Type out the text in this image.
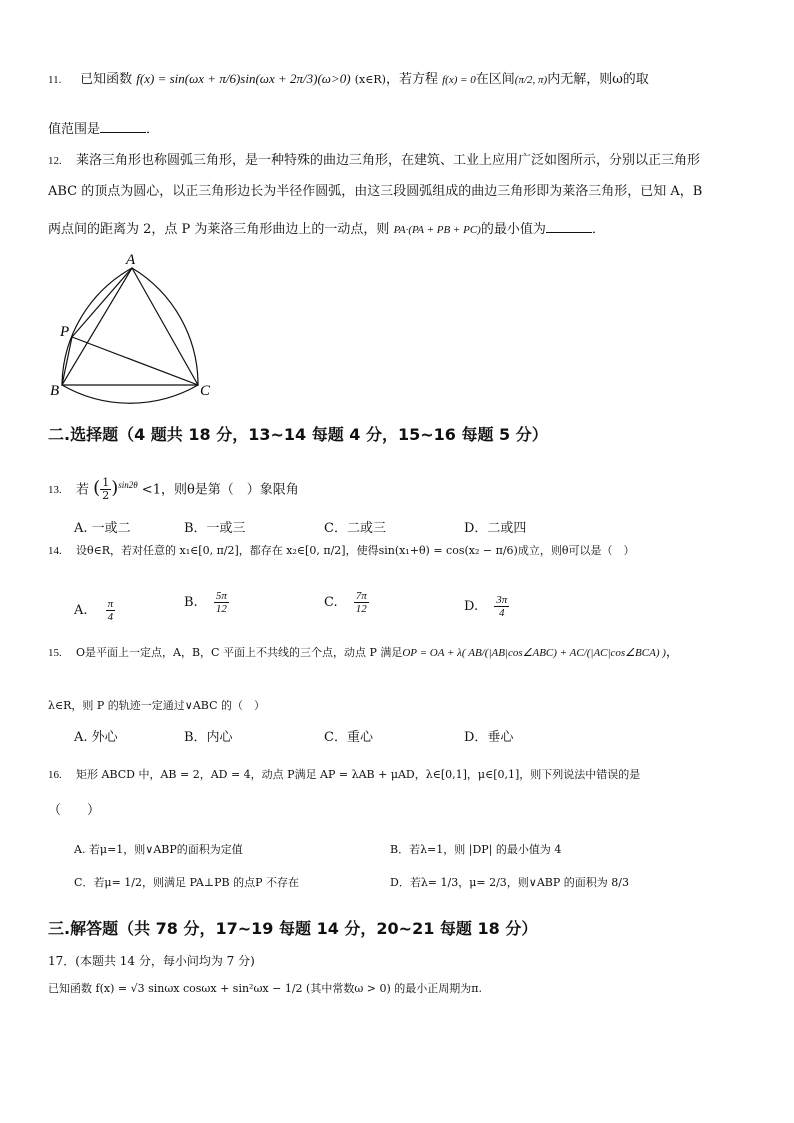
11. 已知函数 f(x) = sin(ωx + π/6)sin(ωx + 2π/3)(ω>0) (x∈R)，若方程 f(x) = 0在区间(π/2, π)内无解，则ω的取
值范围是	．
12. 莱洛三角形也称圆弧三角形，是一种特殊的曲边三角形，在建筑、工业上应用广泛如图所示，分别以正三角形
ABC 的顶点为圆心，以正三角形边长为半径作圆弧，由这三段圆弧组成的曲边三角形即为莱洛三角形，已知 A，B
两点间的距离为 2，点 P 为莱洛三角形曲边上的一动点，则 PA·(PA + PB + PC)的最小值为	．
A
P
B	C
二.选择题（4 题共 18 分，13~14 每题 4 分，15~16 每题 5 分）
13. 若 ( $\frac{1}{2} )^{sin2\theta} <1$，则θ是第（　）象限角
A. 一或二	B．一或三	C．二或三	D．二或四
14. 设θ∈R，若对任意的 x₁∈[0, π/2]，都存在 x₂∈[0, π/2]，使得sin(x₁+θ) = cos(x₂ − π/6)成立，则θ可以是（　）
A. $\frac{\pi}{4}$	B. $\frac{5\pi}{12}$	C. $\frac{7\pi}{12}$	D. $\frac{3\pi}{4}$
15. O是平面上一定点，A，B，C 平面上不共线的三个点，动点 P 满足OP = OA + λ( AB/(|AB|cos∠ABC) + AC/(|AC|cos∠BCA) )，
λ∈R，则 P 的轨迹一定通过∨ABC 的（　）
A. 外心	B．内心	C．重心	D．垂心
16. 矩形 ABCD 中，AB = 2，AD = 4，动点 P满足 AP = λAB + μAD，λ∈[0,1]，μ∈[0,1]，则下列说法中错误的是
（　　）
A. 若μ=1，则∨ABP的面积为定值	B．若λ=1，则 |DP| 的最小值为 4
C．若μ= 1/2，则满足 PA⊥PB 的点P 不存在	D．若λ= 1/3，μ= 2/3，则∨ABP 的面积为 8/3
三.解答题（共 78 分，17~19 每题 14 分，20~21 每题 18 分）
17．(本题共 14 分，每小问均为 7 分)
已知函数 f(x) = √3 sinωx cosωx + sin²ωx − 1/2 (其中常数ω > 0) 的最小正周期为π.
